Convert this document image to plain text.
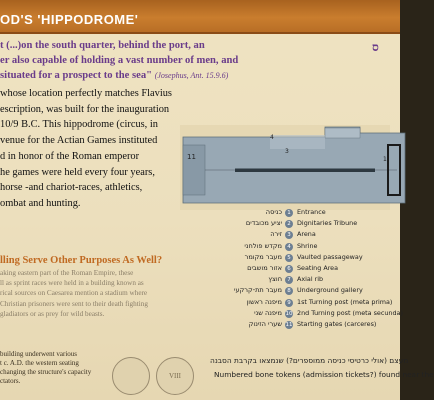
OD'S 'HIPPODROME'
t (...)on the south quarter, behind the port, an
er also capable of holding a vast number of men, and
situated for a prospect to the sea" (Josephus, Ant. 15.9.6)
ס
whose location perfectly matches Flavius
escription, was built for the inauguration
10/9 B.C. This hippodrome (circus, in
venue for the Actian Games instituted
d in honor of the Roman emperor
he games were held every four years,
horse -and chariot-races, athletics,
ombat and hunting.
lling Serve Other Purposes As Well?
aking eastern part of the Roman Empire, these
ll as sprint races were held in a building known as
rical sources on Caesarea mention a stadium where
Christian prisoners were sent to their death fighting
gladiators or as prey for wild beasts.
building underwent various
t c. A.D. the western seating
changing the structure's capacity
ctators.
VIII
11
4
3
1
כניסה 1 Entrance
יציע מכובדים 2 Dignitaries Tribune
זירה 3 Arena
מקדש פולחני 4 Shrine
מעבר מקומר 5 Vaulted passageway
אזור מושבים 6 Seating Area
חוצץ 7 Axial rib
מעבר תת-קרקעי 8 Underground gallery
מיפנה ראשון 9 1st Turning post (meta prima)
מיפנה שני 10 2nd Turning post (meta secunda)
שערי הזינוק 11 Starting gates (carceres)
מעצם (אולי כרטיסי כניסה ממוספרים?) שנמצאו בקרבת הסבנה
Numbered bone tokens (admission tickets?) found near the
